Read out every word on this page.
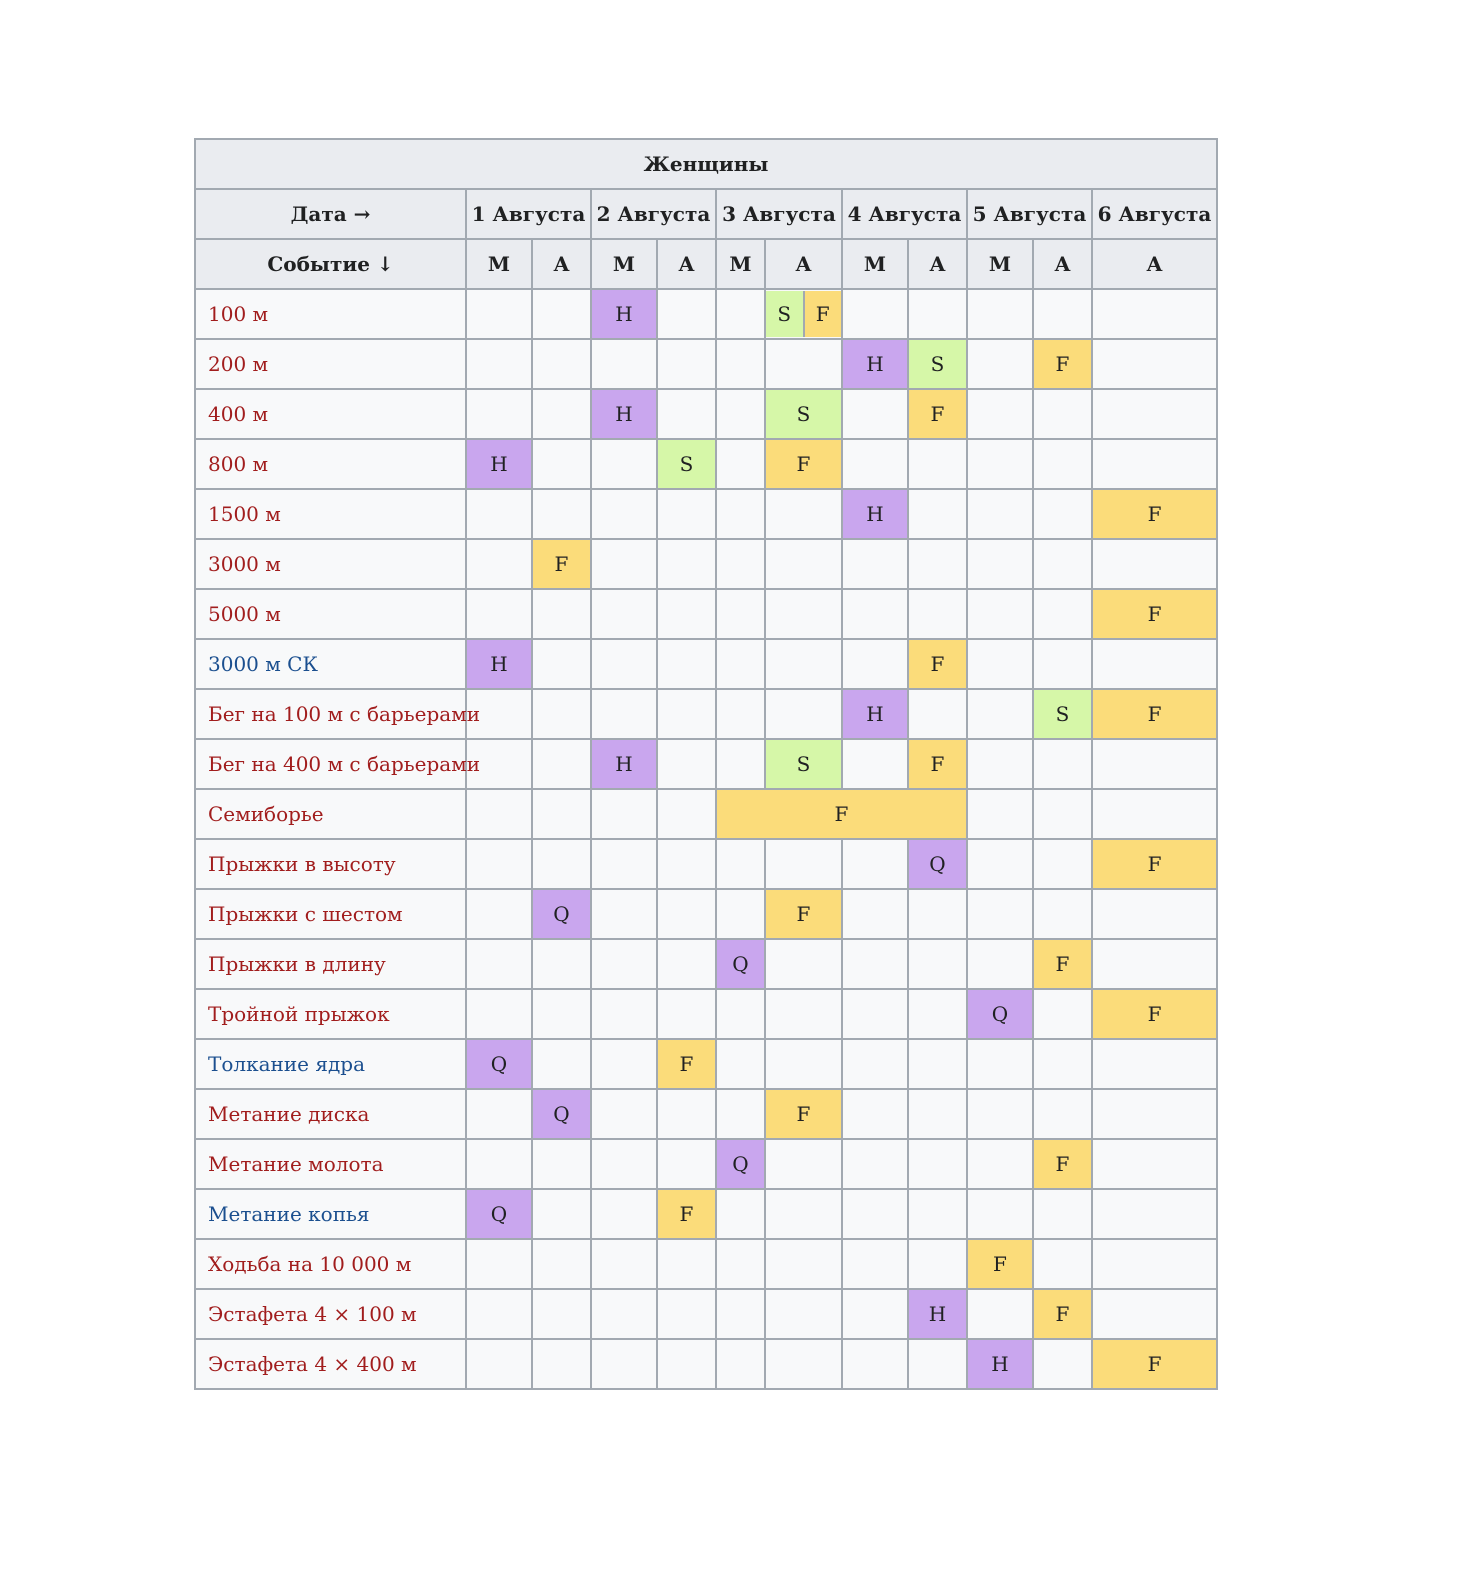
Женщины											
Дата →	1 Августа		2 Августа		3 Августа		4 Августа		5 Августа		6 Августа
Событие ↓	М	А	М	А	М	А	М	А	М	А	А
100 м			H			S F					

200 м							H	S		F	
400 м			H			S		F			
800 м	H			S		F					
1500 м							H				F
3000 м		F									
5000 м											F
3000 м СК	H							F			
Бег на 100 м с барьерами							H			S	F
Бег на 400 м с барьерами			H			S		F			
Семиборье					F						
Прыжки в высоту								Q			F
Прыжки с шестом		Q				F					
Прыжки в длину					Q					F	
Тройной прыжок									Q		F
Толкание ядра	Q			F							
Метание диска		Q				F					
Метание молота					Q					F	
Метание копья	Q			F							
Ходьба на 10 000 м									F		
Эстафета 4 × 100 м								H		F	
Эстафета 4 × 400 м									H		F
